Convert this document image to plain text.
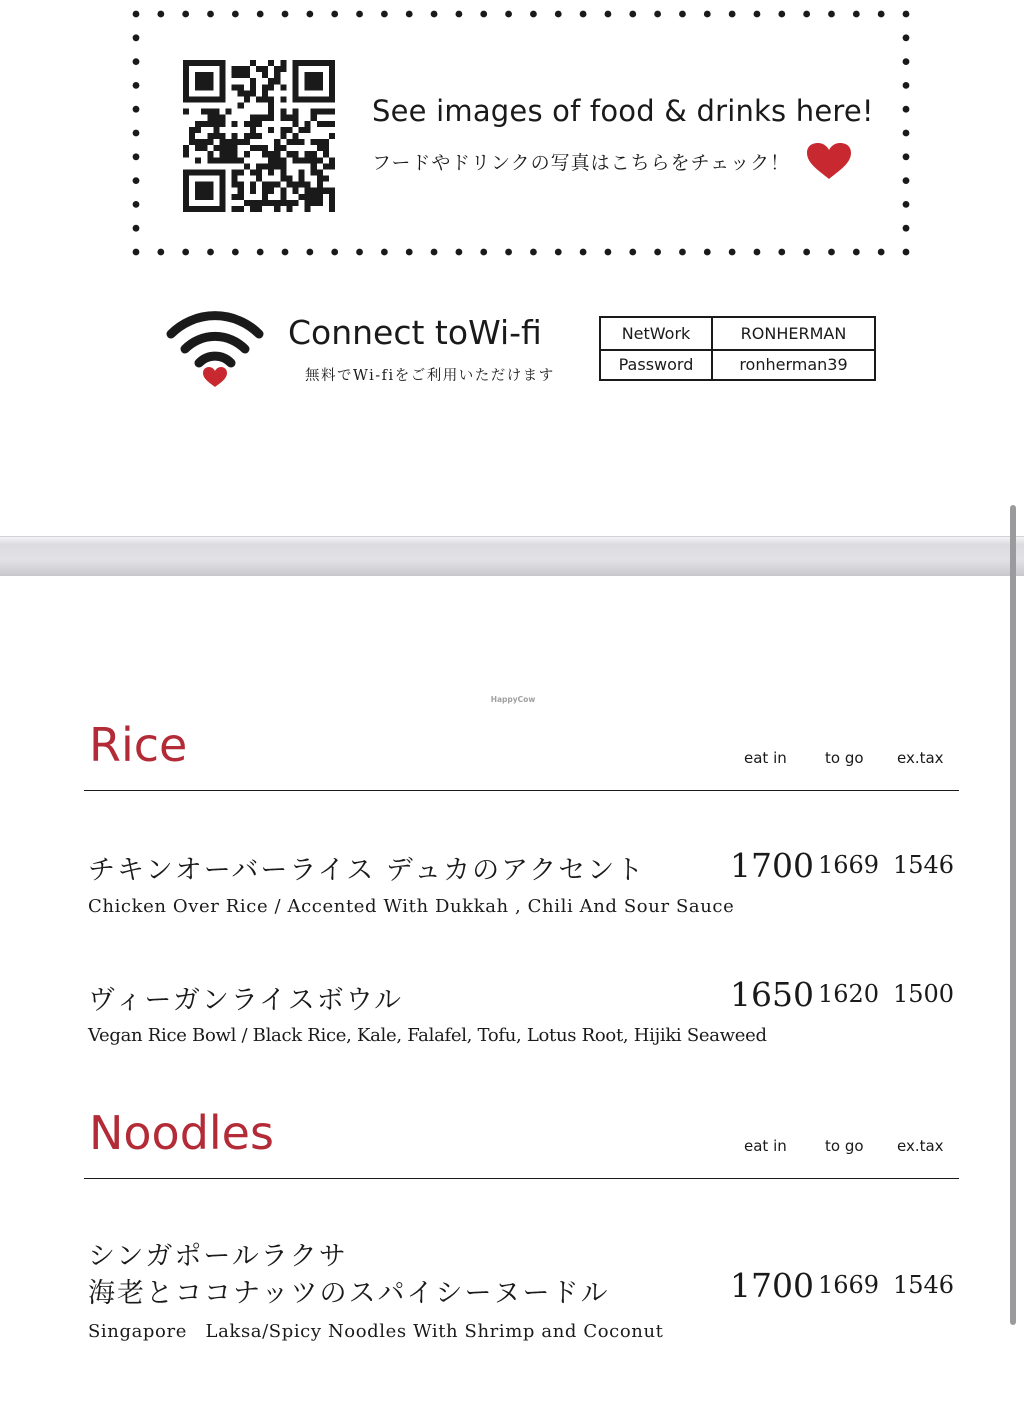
See images of food & drinks here!
フードやドリンクの写真はこちらをチェック！
Connect toWi-fi
無料でWi-fiをご利用いただけます
NetWork	RONHERMAN
Password	ronherman39
HappyCow
Rice	eat in	to go ex.tax
チキンオーバーライス デュカのアクセント
Chicken Over Rice / Accented With Dukkah , Chili And Sour Sauce
1700 1669 1546
ヴィーガンライスボウル
Vegan Rice Bowl / Black Rice, Kale, Falafel, Tofu, Lotus Root, Hijiki Seaweed
1650 1620 1500
Noodles	eat in	to go ex.tax
シンガポールラクサ
海老とココナッツのスパイシーヌードル
Singapore　Laksa/Spicy Noodles With Shrimp and Coconut
1700 1669 1546
